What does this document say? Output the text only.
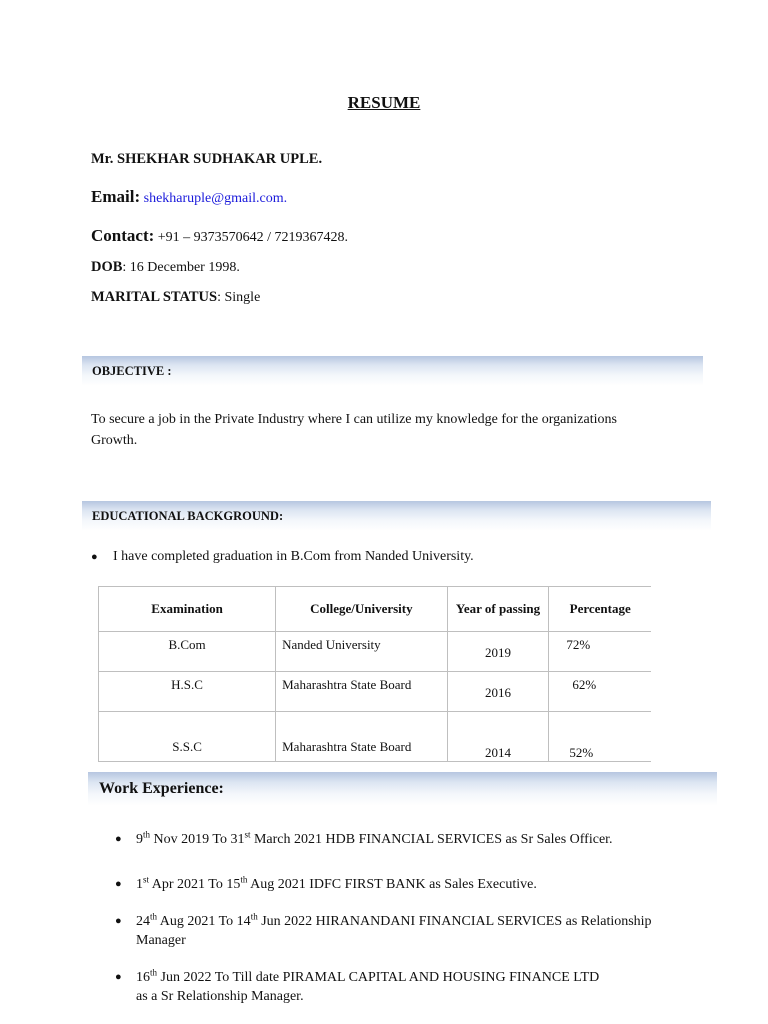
RESUME
Mr. SHEKHAR SUDHAKAR UPLE.
Email: shekharuple@gmail.com.
Contact: +91 – 9373570642 / 7219367428.
DOB: 16 December 1998.
MARITAL STATUS: Single
OBJECTIVE :
To secure a job in the Private Industry where I can utilize my knowledge for the organizations
Growth.
EDUCATIONAL BACKGROUND:
● I have completed graduation in B.Com from Nanded University.
Examination	College/University	Year of passing	Percentage
B.Com	Nanded University	2019	72%
H.S.C	Maharashtra State Board	2016	62%
S.S.C	Maharashtra State Board	2014	52%
Work Experience:
● 9th Nov 2019 To 31st March 2021 HDB FINANCIAL SERVICES as Sr Sales Officer.
● 1st Apr 2021 To 15th Aug 2021 IDFC FIRST BANK as Sales Executive.
● 24th Aug 2021 To 14th Jun 2022 HIRANANDANI FINANCIAL SERVICES as Relationship
Manager
● 16th Jun 2022 To Till date PIRAMAL CAPITAL AND HOUSING FINANCE LTD
as a Sr Relationship Manager.
